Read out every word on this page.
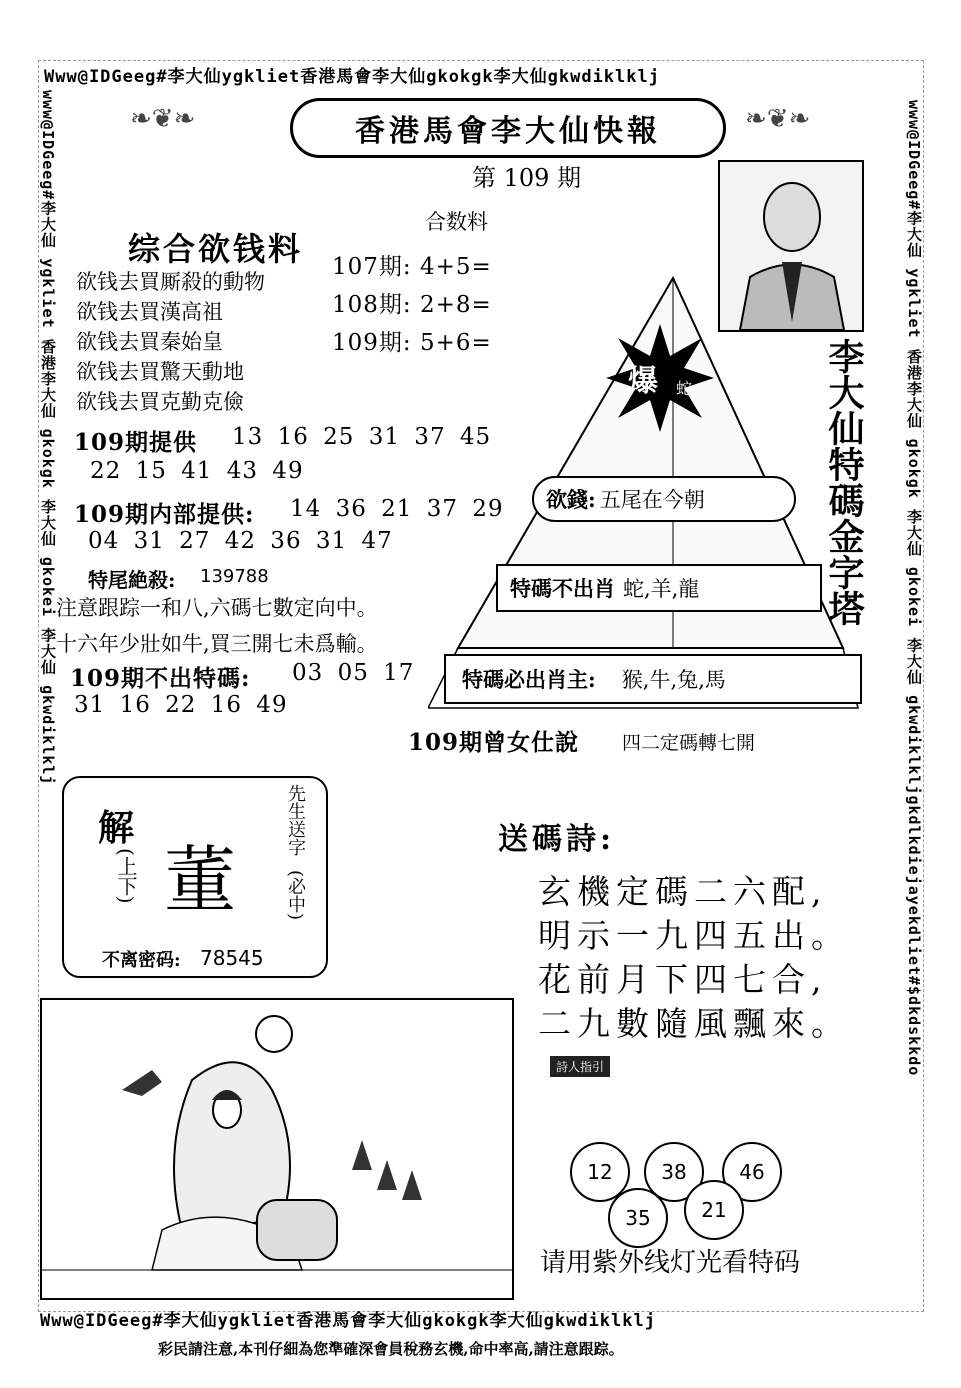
Www@IDGeeg#李大仙ygkliet香港馬會李大仙gkokgk李大仙gkwdiklklj
Www@IDGeeg#李大仙ygkliet香港馬會李大仙gkokgk李大仙gkwdiklklj
www@IDGeeg#李大仙 ygkliet 香港李大仙 gkokgk 李大仙 gkokei 李大仙 gkwdiklklj	www@IDGeeg#李大仙 ygkliet 香港李大仙 gkokgk 李大仙 gkokei 李大仙 gkwdiklkljgkdlkdiejayekdliet#$dkdskkdo
❧❦❧	❧❦❧
香港馬會李大仙快報
第 109 期
合数料
107期: 4+5=
108期: 2+8=
109期: 5+6=
综合欲钱料
欲钱去買厮殺的動物
欲钱去買漢高祖
欲钱去買秦始皇
欲钱去買驚天動地
欲钱去買克勤克儉
109期提供 13 16 25 31 37 45
22 15 41 43 49
109期内部提供: 14 36 21 37 29
04 31 27 42 36 31 47
特尾絶殺: 139788
注意跟踪一和八,六碼七數定向中。
十六年少壯如牛,買三開七未爲輸。
109期不出特碼: 03 05 17
31 16 22 16 49
爆 蛇	李大仙特碼金字塔
欲錢: 五尾在今朝
特碼不出肖 蛇,羊,龍
特碼必出肖主: 猴,牛,兔,馬
109期曾女仕說 四二定碼轉七開
解
(上下) 董
先生送字
(必中)
不离密码: 78545
送碼詩:
玄機定碼二六配,
明示一九四五出。
花前月下四七合,
二九數隨風飄來。
詩人指引
12	38	46
35	21
请用紫外线灯光看特码
彩民請注意,本刊仔細為您準確深會員稅務玄機,命中率高,請注意跟踪。
